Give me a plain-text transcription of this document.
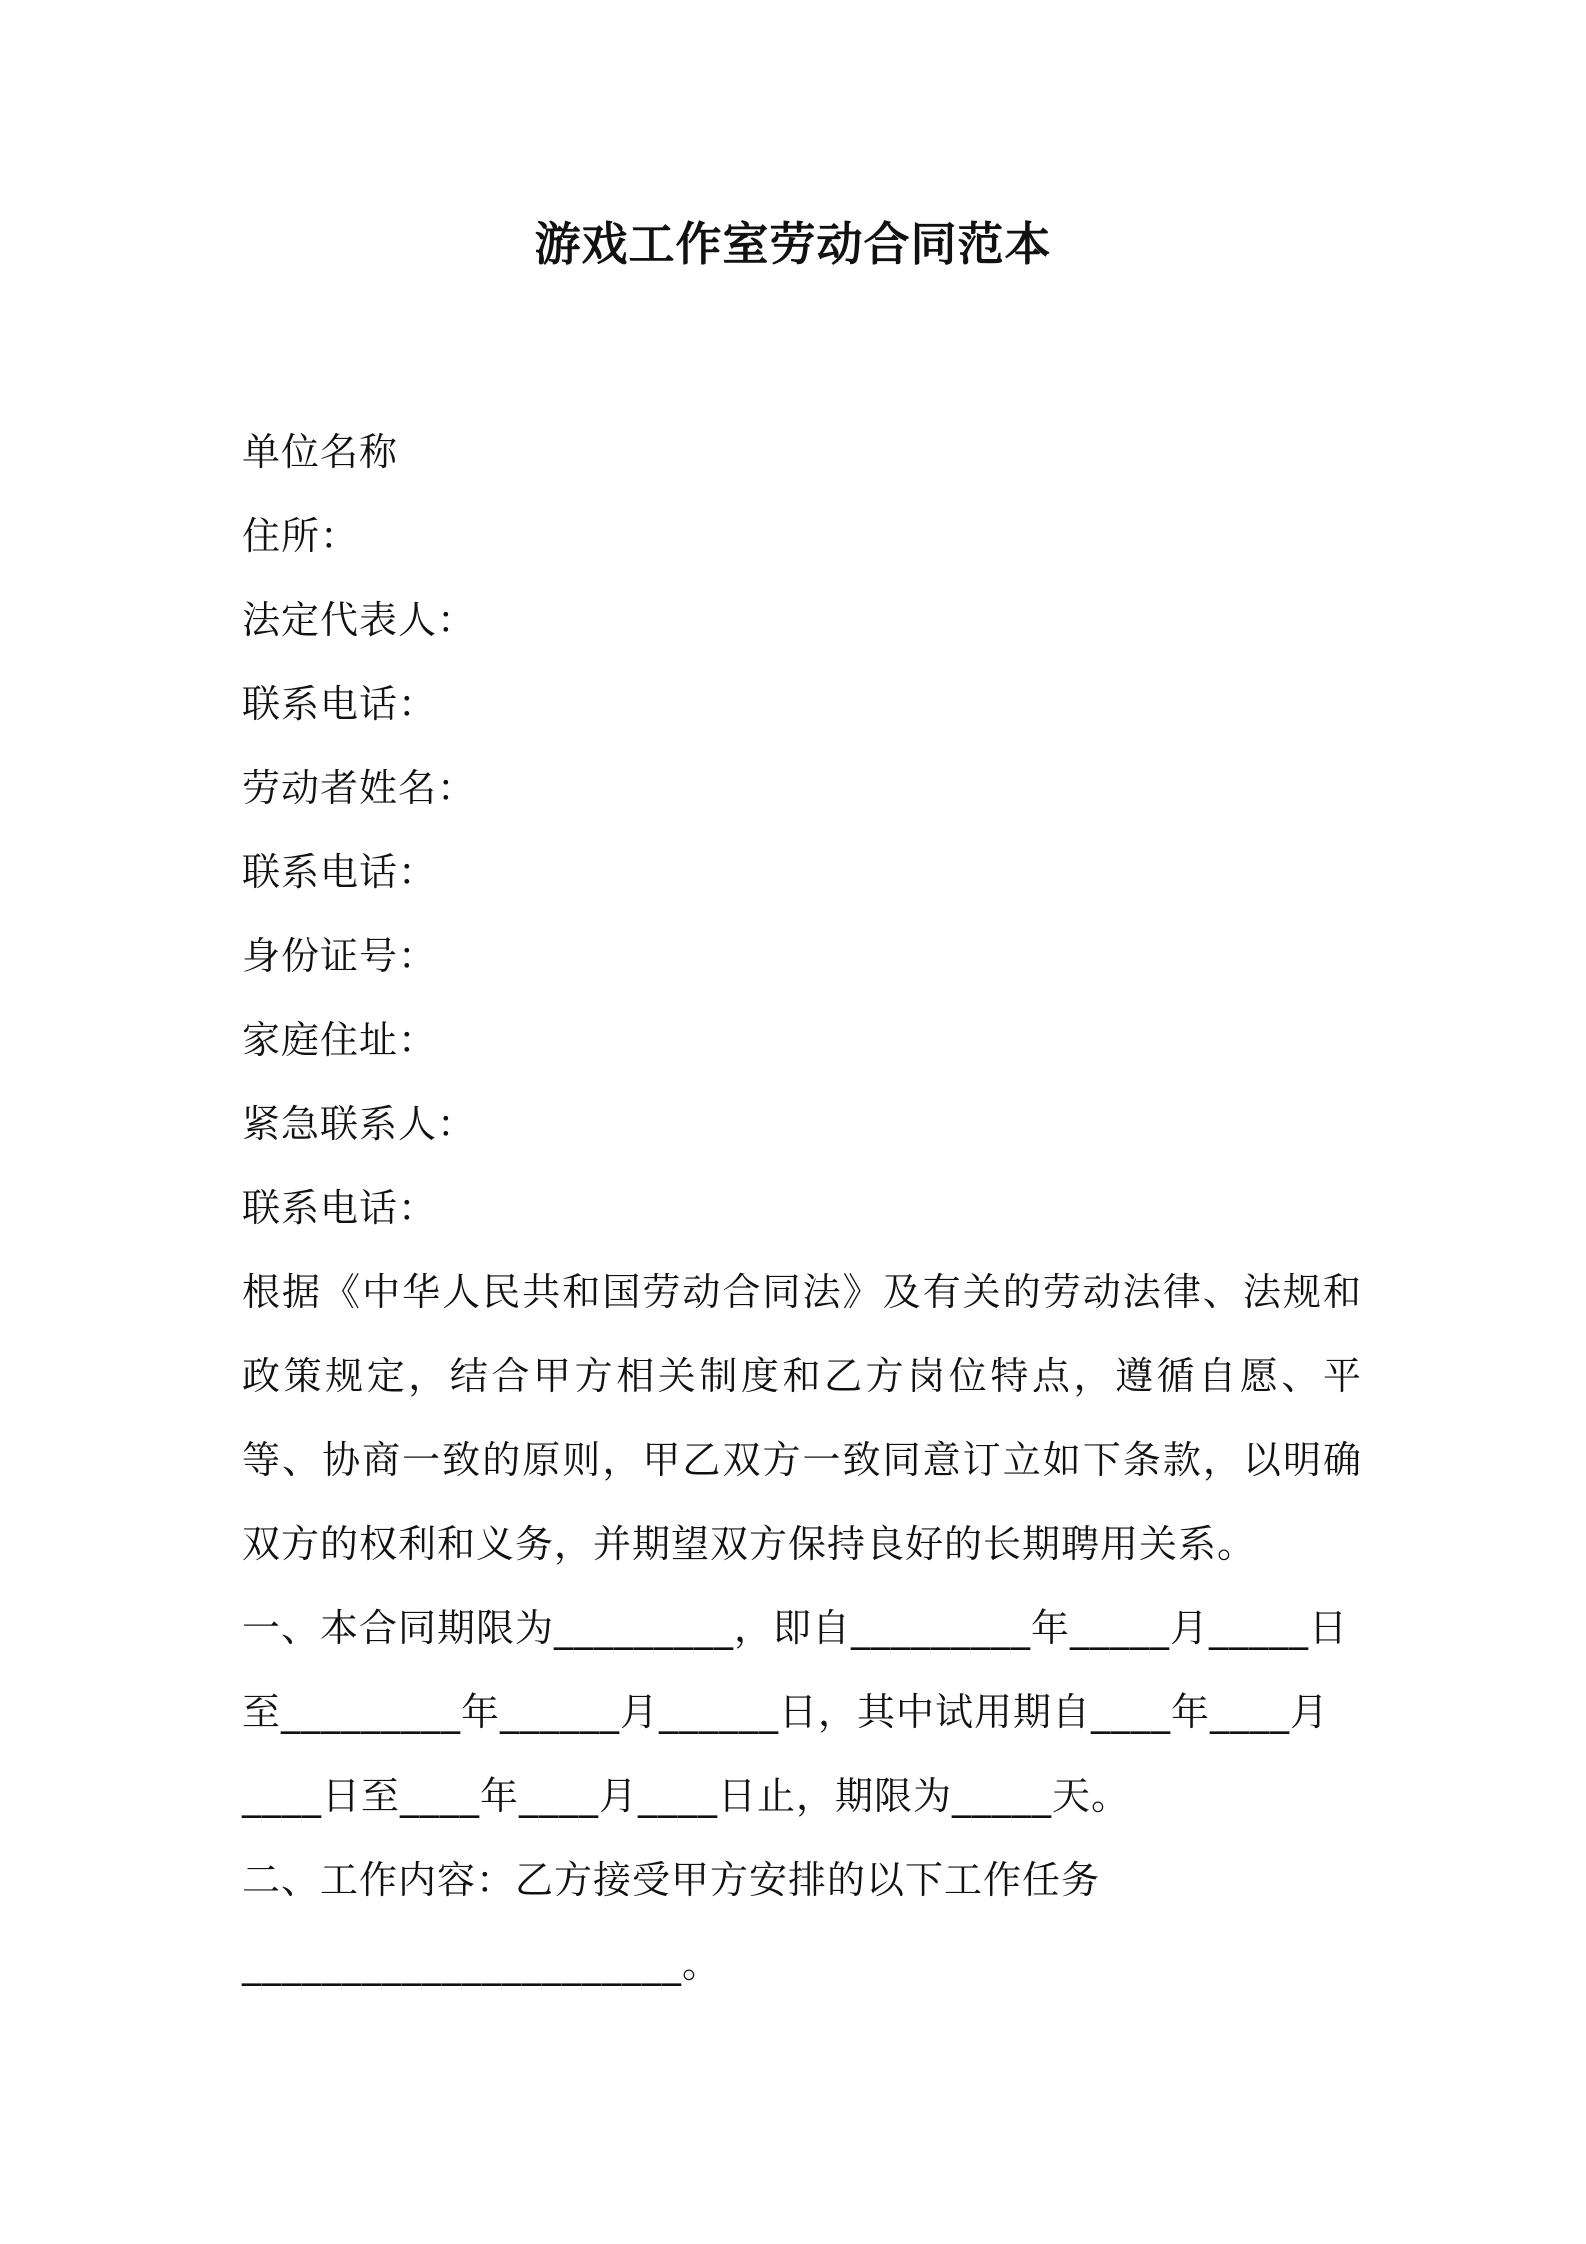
游戏工作室劳动合同范本
单位名称
住所：
法定代表人：
联系电话：
劳动者姓名：
联系电话：
身份证号：
家庭住址：
紧急联系人：
联系电话：
根据《中华人民共和国劳动合同法》及有关的劳动法律、法规和政策规定，结合甲方相关制度和乙方岗位特点，遵循自愿、平等、协商一致的原则，甲乙双方一致同意订立如下条款，以明确双方的权利和义务，并期望双方保持良好的长期聘用关系。
一、本合同期限为_________，即自_________年_____月_____日
至_________年______月______日，其中试用期自____年____月
____日至____年____月____日止，期限为_____天。
二、工作内容：乙方接受甲方安排的以下工作任务
______________________。
